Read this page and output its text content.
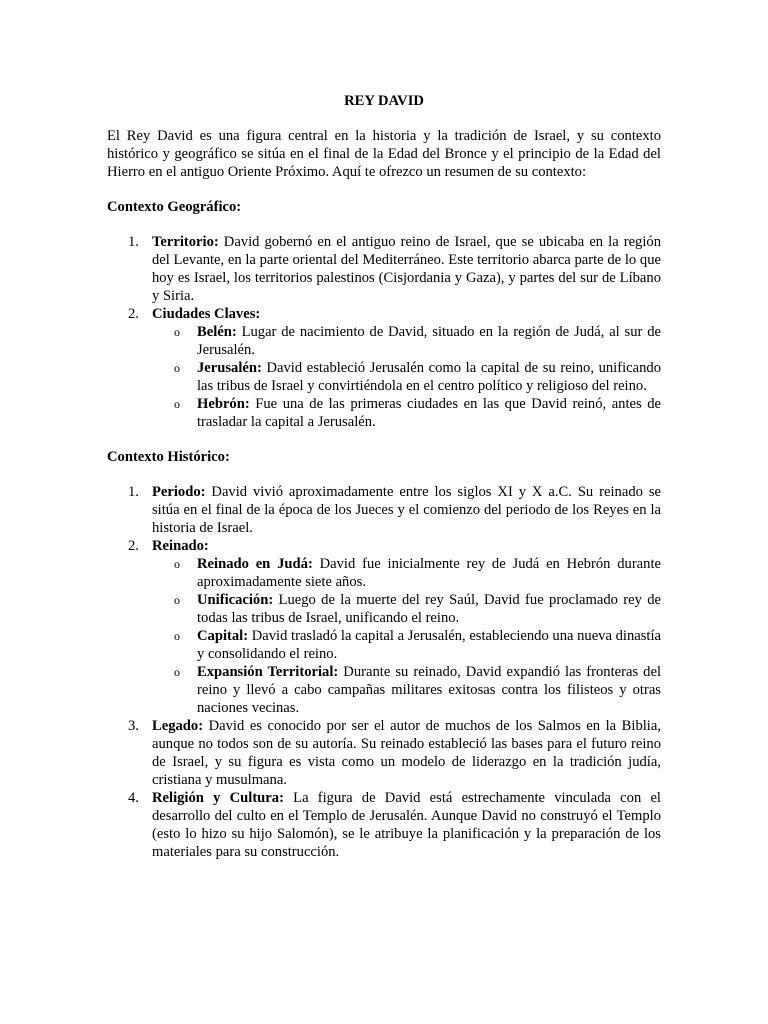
REY DAVID

El Rey David es una figura central en la historia y la tradición de Israel, y su contexto histórico y geográfico se sitúa en el final de la Edad del Bronce y el principio de la Edad del Hierro en el antiguo Oriente Próximo. Aquí te ofrezco un resumen de su contexto:

Contexto Geográfico:

1. Territorio: David gobernó en el antiguo reino de Israel, que se ubicaba en la región del Levante, en la parte oriental del Mediterráneo. Este territorio abarca parte de lo que hoy es Israel, los territorios palestinos (Cisjordania y Gaza), y partes del sur de Líbano y Siria.
2. Ciudades Claves:
o Belén: Lugar de nacimiento de David, situado en la región de Judá, al sur de Jerusalén.
o Jerusalén: David estableció Jerusalén como la capital de su reino, unificando las tribus de Israel y convirtiéndola en el centro político y religioso del reino.
o Hebrón: Fue una de las primeras ciudades en las que David reinó, antes de trasladar la capital a Jerusalén.

Contexto Histórico:

1. Periodo: David vivió aproximadamente entre los siglos XI y X a.C. Su reinado se sitúa en el final de la época de los Jueces y el comienzo del periodo de los Reyes en la historia de Israel.
2. Reinado:
o Reinado en Judá: David fue inicialmente rey de Judá en Hebrón durante aproximadamente siete años.
o Unificación: Luego de la muerte del rey Saúl, David fue proclamado rey de todas las tribus de Israel, unificando el reino.
o Capital: David trasladó la capital a Jerusalén, estableciendo una nueva dinastía y consolidando el reino.
o Expansión Territorial: Durante su reinado, David expandió las fronteras del reino y llevó a cabo campañas militares exitosas contra los filisteos y otras naciones vecinas.
3. Legado: David es conocido por ser el autor de muchos de los Salmos en la Biblia, aunque no todos son de su autoría. Su reinado estableció las bases para el futuro reino de Israel, y su figura es vista como un modelo de liderazgo en la tradición judía, cristiana y musulmana.
4. Religión y Cultura: La figura de David está estrechamente vinculada con el desarrollo del culto en el Templo de Jerusalén. Aunque David no construyó el Templo (esto lo hizo su hijo Salomón), se le atribuye la planificación y la preparación de los materiales para su construcción.
